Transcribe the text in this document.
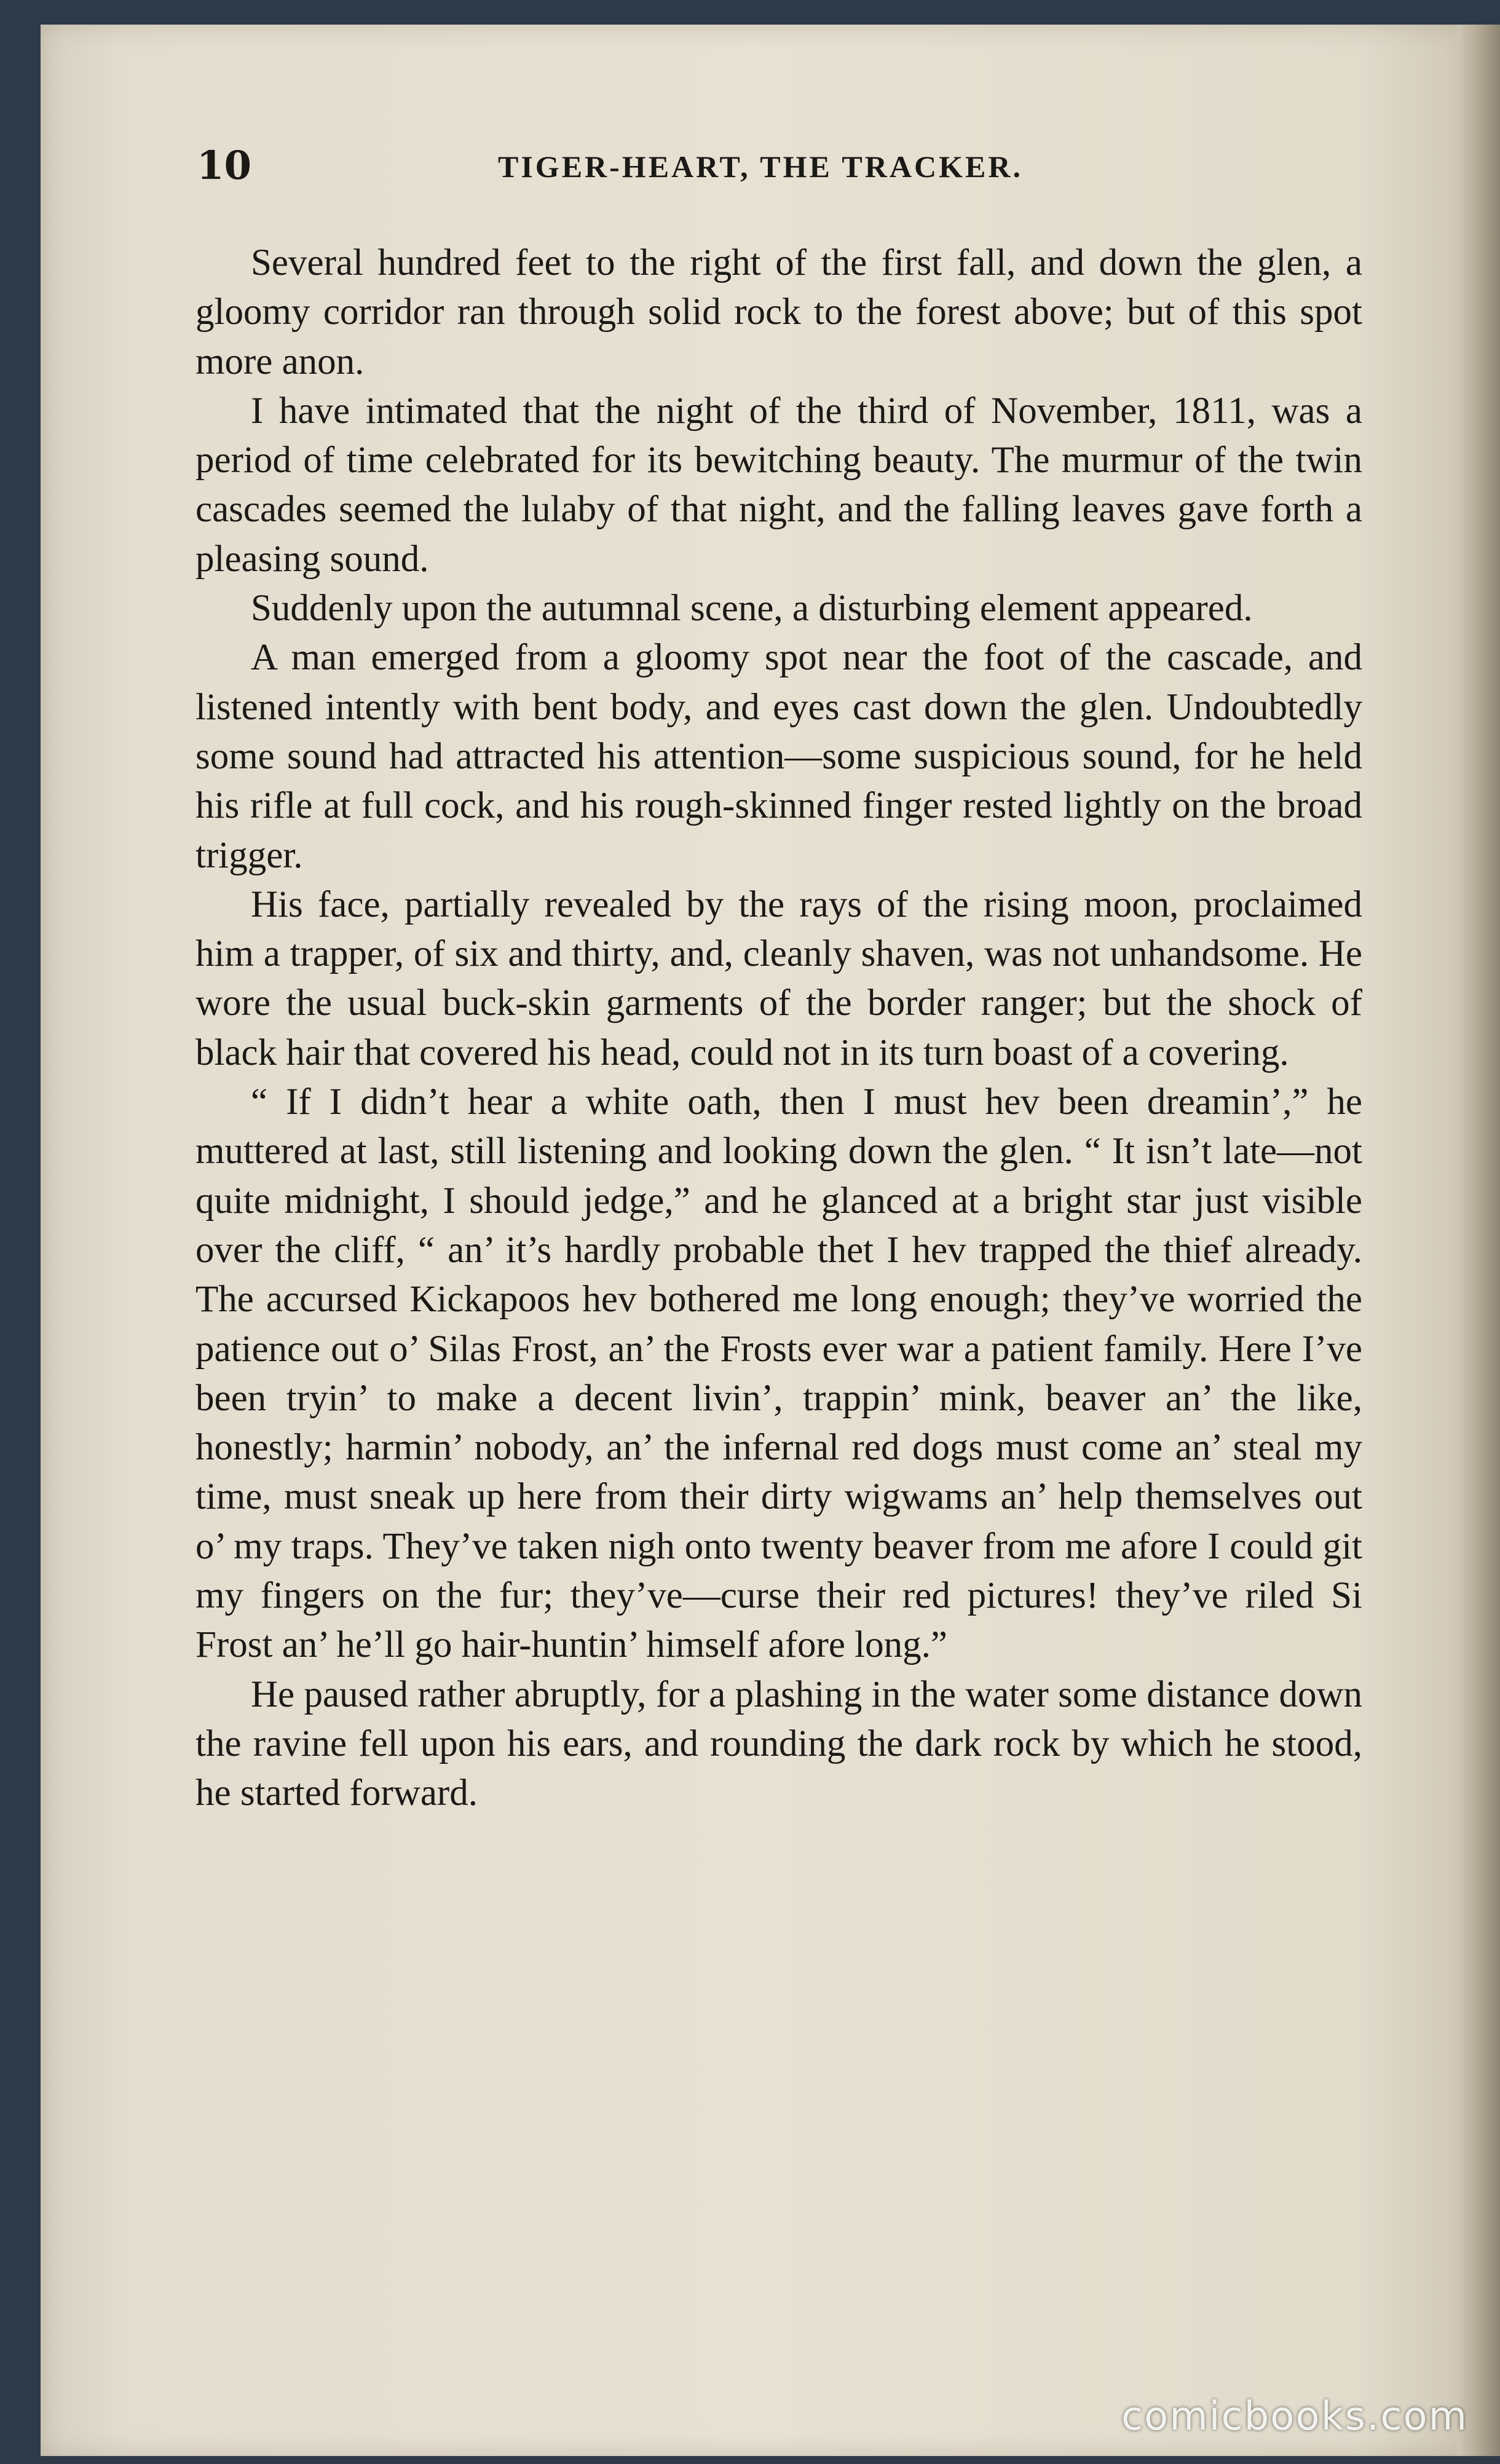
10	TIGER-HEART, THE TRACKER.

Several hundred feet to the right of the first fall, and down the glen, a gloomy corridor ran through solid rock to the forest above; but of this spot more anon.

I have intimated that the night of the third of November, 1811, was a period of time celebrated for its bewitching beauty. The murmur of the twin cascades seemed the lulaby of that night, and the falling leaves gave forth a pleasing sound.

Suddenly upon the autumnal scene, a disturbing element appeared.

A man emerged from a gloomy spot near the foot of the cascade, and listened intently with bent body, and eyes cast down the glen. Undoubtedly some sound had attracted his attention—some suspicious sound, for he held his rifle at full cock, and his rough-skinned finger rested lightly on the broad trigger.

His face, partially revealed by the rays of the rising moon, proclaimed him a trapper, of six and thirty, and, cleanly shaven, was not unhandsome. He wore the usual buck-skin garments of the border ranger; but the shock of black hair that covered his head, could not in its turn boast of a covering.

“ If I didn’t hear a white oath, then I must hev been dreamin’,” he muttered at last, still listening and looking down the glen. “ It isn’t late—not quite midnight, I should jedge,” and he glanced at a bright star just visible over the cliff, “ an’ it’s hardly probable thet I hev trapped the thief already. The accursed Kickapoos hev bothered me long enough; they’ve worried the patience out o’ Silas Frost, an’ the Frosts ever war a patient family. Here I’ve been tryin’ to make a decent livin’, trappin’ mink, beaver an’ the like, honestly; harmin’ nobody, an’ the infernal red dogs must come an’ steal my time, must sneak up here from their dirty wigwams an’ help themselves out o’ my traps. They’ve taken nigh onto twenty beaver from me afore I could git my fingers on the fur; they’ve—curse their red pictures! they’ve riled Si Frost an’ he’ll go hair-huntin’ himself afore long.”

He paused rather abruptly, for a plashing in the water some distance down the ravine fell upon his ears, and rounding the dark rock by which he stood, he started forward.

comicbooks.com
